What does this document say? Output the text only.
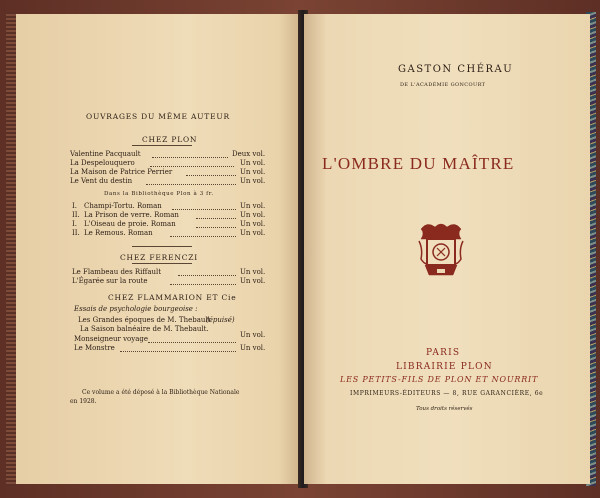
OUVRAGES DU MÊME AUTEUR
CHEZ PLON
Valentine Pacquault	Deux vol.
La Despelouquero	Un vol.
La Maison de Patrice Perrier	Un vol.
Le Vent du destin	Un vol.
Dans la Bibliothèque Plon à 3 fr.
I. Champi-Tortu. Roman	Un vol.
II. La Prison de verre. Roman	Un vol.
I. L'Oiseau de proie. Roman	Un vol.
II. Le Remous. Roman	Un vol.
CHEZ FERENCZI
Le Flambeau des Riffault	Un vol.
L'Égarée sur la route	Un vol.
CHEZ FLAMMARION ET Cie
Essais de psychologie bourgeoise :
Les Grandes époques de M. Thebault
(épuisé)
La Saison balnéaire de M. Thebault.
Monseigneur voyage	Un vol.
Le Monstre	Un vol.
Ce volume a été déposé à la Bibliothèque Nationale
en 1928.
GASTON CHÉRAU
DE L'ACADÉMIE GONCOURT
L'OMBRE DU MAÎTRE
PARIS
LIBRAIRIE PLON
LES PETITS-FILS DE PLON ET NOURRIT
IMPRIMEURS-ÉDITEURS — 8, RUE GARANCIÈRE, 6e
Tous droits réservés
